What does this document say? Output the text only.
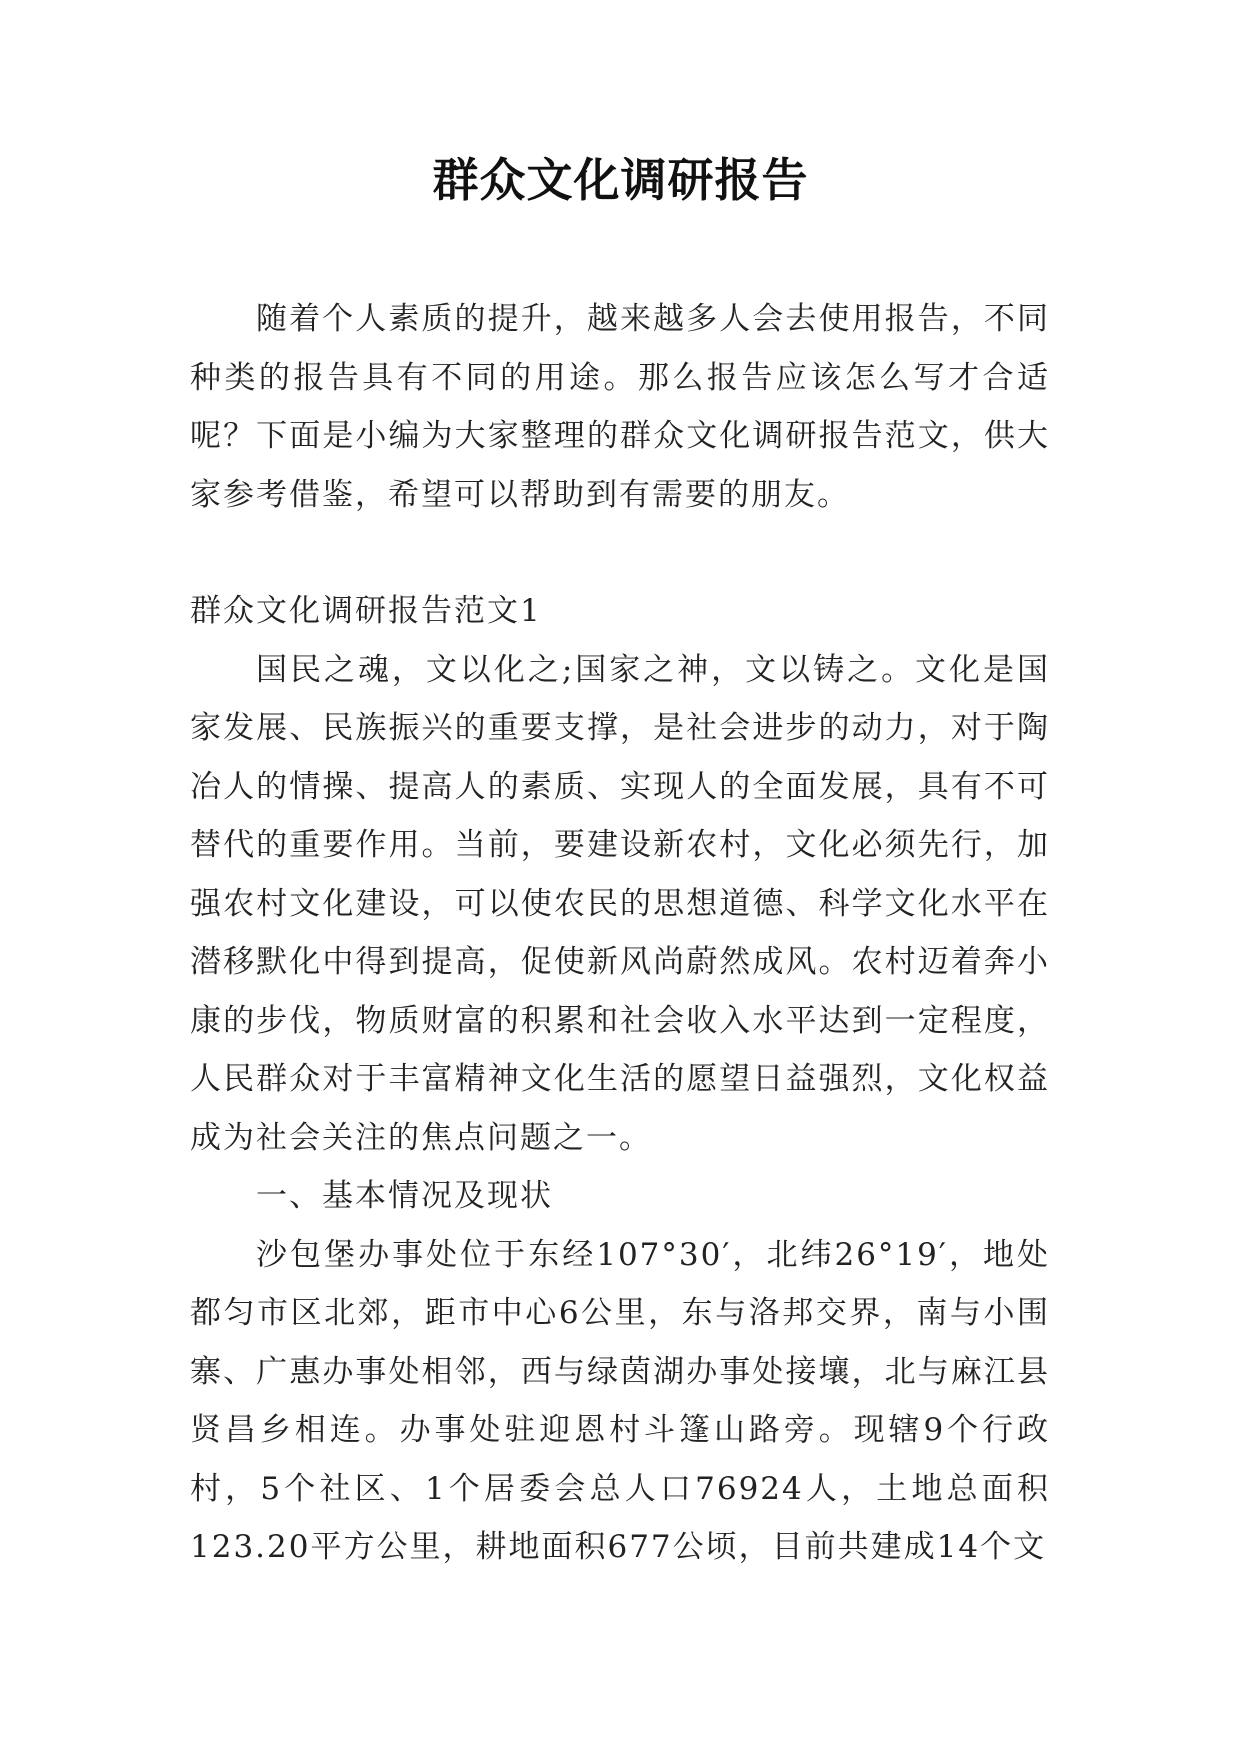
群众文化调研报告

随着个人素质的提升，越来越多人会去使用报告，不同种类的报告具有不同的用途。那么报告应该怎么写才合适呢？下面是小编为大家整理的群众文化调研报告范文，供大家参考借鉴，希望可以帮助到有需要的朋友。

群众文化调研报告范文1

国民之魂，文以化之;国家之神，文以铸之。文化是国家发展、民族振兴的重要支撑，是社会进步的动力，对于陶冶人的情操、提高人的素质、实现人的全面发展，具有不可替代的重要作用。当前，要建设新农村，文化必须先行，加强农村文化建设，可以使农民的思想道德、科学文化水平在潜移默化中得到提高，促使新风尚蔚然成风。农村迈着奔小康的步伐，物质财富的积累和社会收入水平达到一定程度，人民群众对于丰富精神文化生活的愿望日益强烈，文化权益成为社会关注的焦点问题之一。

一、基本情况及现状

沙包堡办事处位于东经107°30′，北纬26°19′，地处都匀市区北郊，距市中心6公里，东与洛邦交界，南与小围寨、广惠办事处相邻，西与绿茵湖办事处接壤，北与麻江县贤昌乡相连。办事处驻迎恩村斗篷山路旁。现辖9个行政村，5个社区、1个居委会总人口76924人，土地总面积123.20平方公里，耕地面积677公顷，目前共建成14个文
